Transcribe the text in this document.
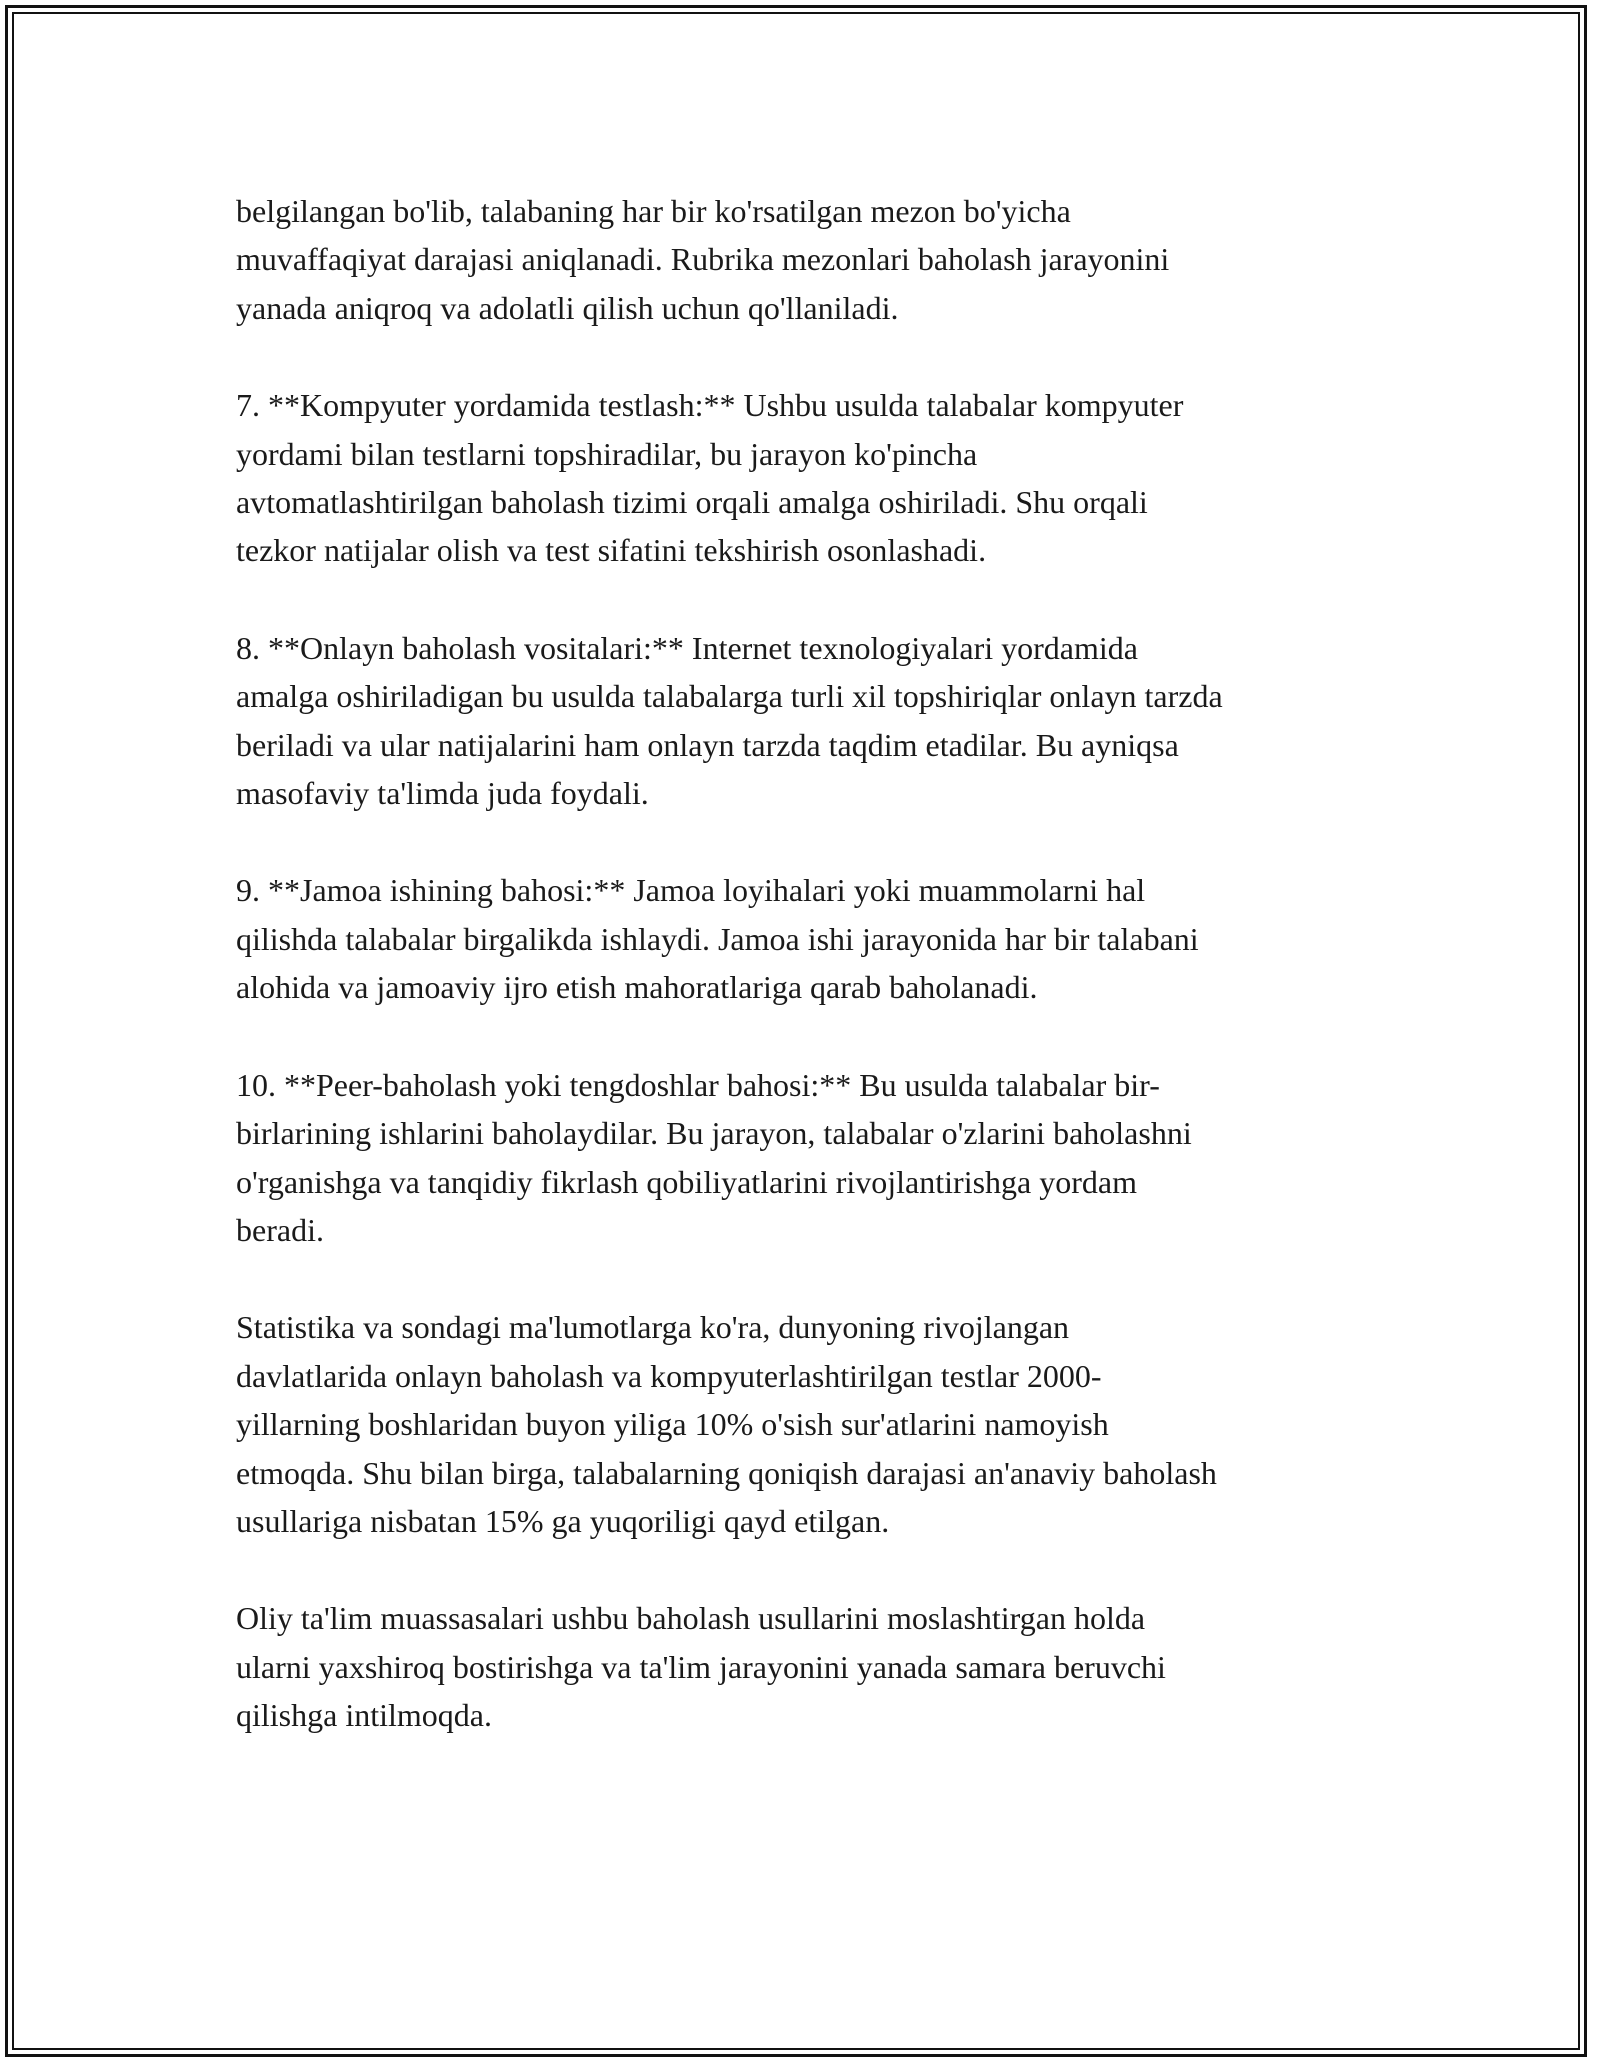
belgilangan bo'lib, talabaning har bir ko'rsatilgan mezon bo'yicha
muvaffaqiyat darajasi aniqlanadi. Rubrika mezonlari baholash jarayonini
yanada aniqroq va adolatli qilish uchun qo'llaniladi.

7. **Kompyuter yordamida testlash:** Ushbu usulda talabalar kompyuter
yordami bilan testlarni topshiradilar, bu jarayon ko'pincha
avtomatlashtirilgan baholash tizimi orqali amalga oshiriladi. Shu orqali
tezkor natijalar olish va test sifatini tekshirish osonlashadi.

8. **Onlayn baholash vositalari:** Internet texnologiyalari yordamida
amalga oshiriladigan bu usulda talabalarga turli xil topshiriqlar onlayn tarzda
beriladi va ular natijalarini ham onlayn tarzda taqdim etadilar. Bu ayniqsa
masofaviy ta'limda juda foydali.

9. **Jamoa ishining bahosi:** Jamoa loyihalari yoki muammolarni hal
qilishda talabalar birgalikda ishlaydi. Jamoa ishi jarayonida har bir talabani
alohida va jamoaviy ijro etish mahoratlariga qarab baholanadi.

10. **Peer-baholash yoki tengdoshlar bahosi:** Bu usulda talabalar bir-
birlarining ishlarini baholaydilar. Bu jarayon, talabalar o'zlarini baholashni
o'rganishga va tanqidiy fikrlash qobiliyatlarini rivojlantirishga yordam
beradi.

Statistika va sondagi ma'lumotlarga ko'ra, dunyoning rivojlangan
davlatlarida onlayn baholash va kompyuterlashtirilgan testlar 2000-
yillarning boshlaridan buyon yiliga 10% o'sish sur'atlarini namoyish
etmoqda. Shu bilan birga, talabalarning qoniqish darajasi an'anaviy baholash
usullariga nisbatan 15% ga yuqoriligi qayd etilgan.

Oliy ta'lim muassasalari ushbu baholash usullarini moslashtirgan holda
ularni yaxshiroq bostirishga va ta'lim jarayonini yanada samara beruvchi
qilishga intilmoqda.
